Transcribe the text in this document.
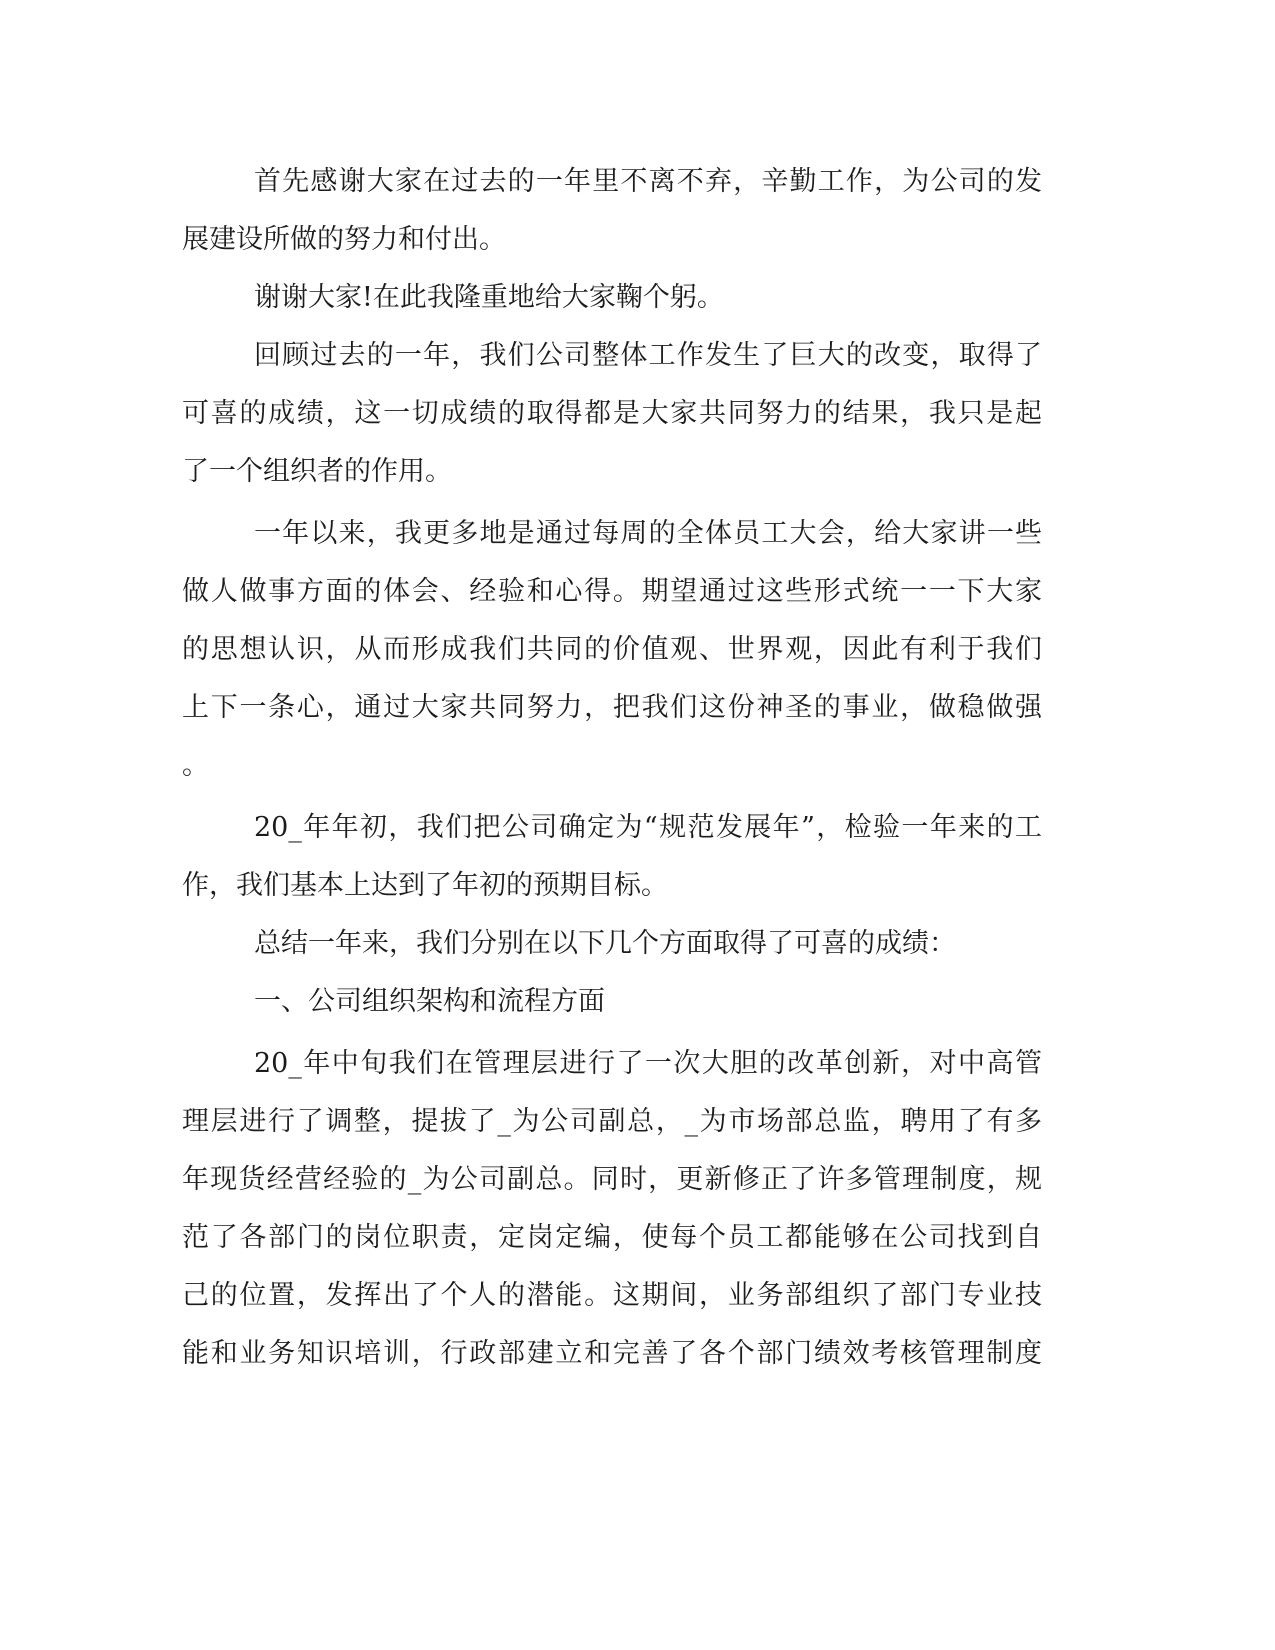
首先感谢大家在过去的一年里不离不弃，辛勤工作，为公司的发
展建设所做的努力和付出。
谢谢大家!在此我隆重地给大家鞠个躬。
回顾过去的一年，我们公司整体工作发生了巨大的改变，取得了
可喜的成绩，这一切成绩的取得都是大家共同努力的结果，我只是起
了一个组织者的作用。
一年以来，我更多地是通过每周的全体员工大会，给大家讲一些
做人做事方面的体会、经验和心得。期望通过这些形式统一一下大家
的思想认识，从而形成我们共同的价值观、世界观，因此有利于我们
上下一条心，通过大家共同努力，把我们这份神圣的事业，做稳做强
。
20_年年初，我们把公司确定为“规范发展年”，检验一年来的工
作，我们基本上达到了年初的预期目标。
总结一年来，我们分别在以下几个方面取得了可喜的成绩：
一、公司组织架构和流程方面
20_年中旬我们在管理层进行了一次大胆的改革创新，对中高管
理层进行了调整，提拔了_为公司副总，_为市场部总监，聘用了有多
年现货经营经验的_为公司副总。同时，更新修正了许多管理制度，规
范了各部门的岗位职责，定岗定编，使每个员工都能够在公司找到自
己的位置，发挥出了个人的潜能。这期间，业务部组织了部门专业技
能和业务知识培训，行政部建立和完善了各个部门绩效考核管理制度
